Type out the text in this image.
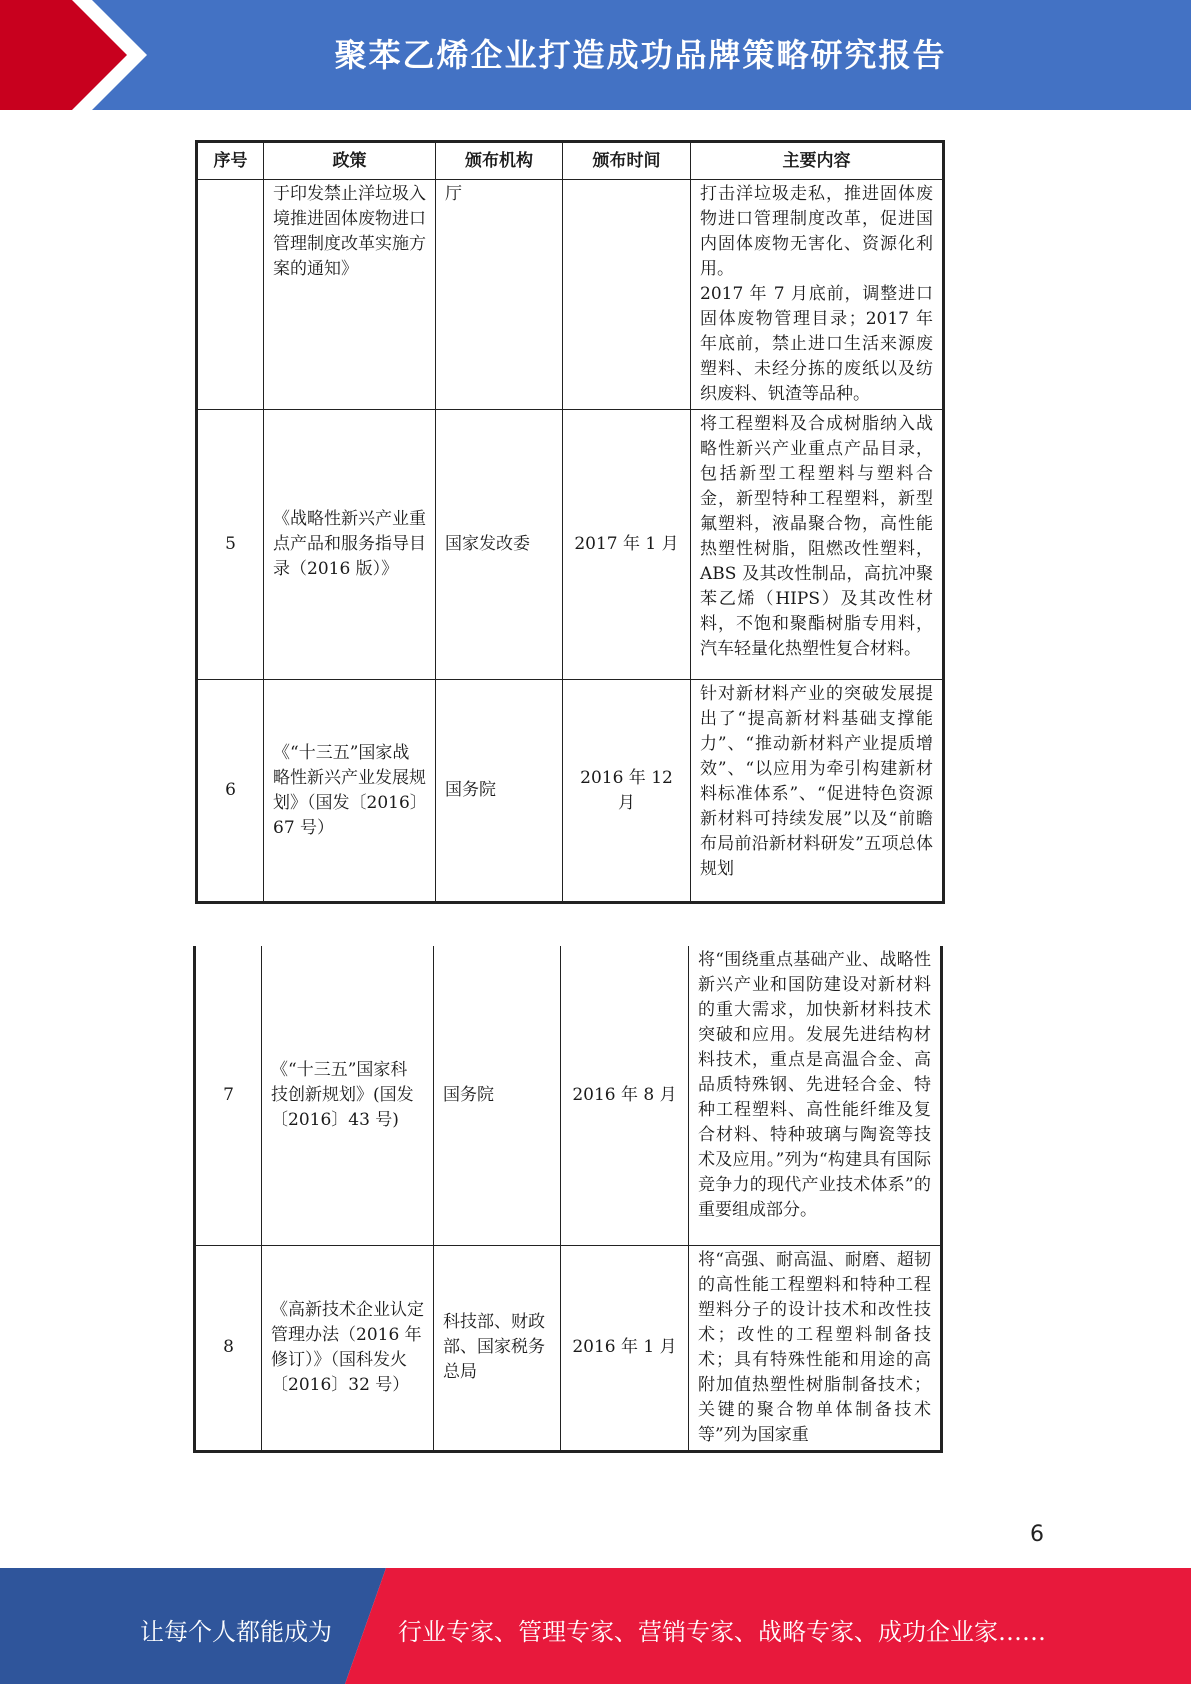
聚苯乙烯企业打造成功品牌策略研究报告
序号	政策	颁布机构	颁布时间	主要内容
	于印发禁止洋垃圾入境推进固体废物进口管理制度改革实施方案的通知》	厅		打击洋垃圾走私，推进固体废物进口管理制度改革，促进国内固体废物无害化、资源化利用。
2017 年 7 月底前，调整进口固体废物管理目录；2017 年年底前，禁止进口生活来源废塑料、未经分拣的废纸以及纺织废料、钒渣等品种。

5	《战略性新兴产业重点产品和服务指导目录（2016 版）》	国家发改委	2017 年 1 月	将工程塑料及合成树脂纳入战略性新兴产业重点产品目录，包括新型工程塑料与塑料合金，新型特种工程塑料，新型氟塑料，液晶聚合物，高性能热塑性树脂，阻燃改性塑料，ABS 及其改性制品，高抗冲聚苯乙烯（HIPS）及其改性材料，不饱和聚酯树脂专用料，汽车轻量化热塑性复合材料。
6	《“十三五”国家战略性新兴产业发展规划》（国发〔2016〕67 号）	国务院	2016 年 12 月	针对新材料产业的突破发展提出了“提高新材料基础支撑能力”、“推动新材料产业提质增效”、“以应用为牵引构建新材料标准体系”、“促进特色资源新材料可持续发展”以及“前瞻布局前沿新材料研发”五项总体规划
7	《“十三五”国家科技创新规划》(国发〔2016〕43 号)	国务院	2016 年 8 月	将“围绕重点基础产业、战略性新兴产业和国防建设对新材料的重大需求，加快新材料技术突破和应用。发展先进结构材料技术，重点是高温合金、高品质特殊钢、先进轻合金、特种工程塑料、高性能纤维及复合材料、特种玻璃与陶瓷等技术及应用。”列为“构建具有国际竞争力的现代产业技术体系”的重要组成部分。
8	《高新技术企业认定管理办法（2016 年修订）》（国科发火〔2016〕32 号）	科技部、财政部、国家税务总局	2016 年 1 月	将“高强、耐高温、耐磨、超韧的高性能工程塑料和特种工程塑料分子的设计技术和改性技术；改性的工程塑料制备技术；具有特殊性能和用途的高附加值热塑性树脂制备技术；关键的聚合物单体制备技术等”列为国家重
6
让每个人都能成为	行业专家、管理专家、营销专家、战略专家、成功企业家……
